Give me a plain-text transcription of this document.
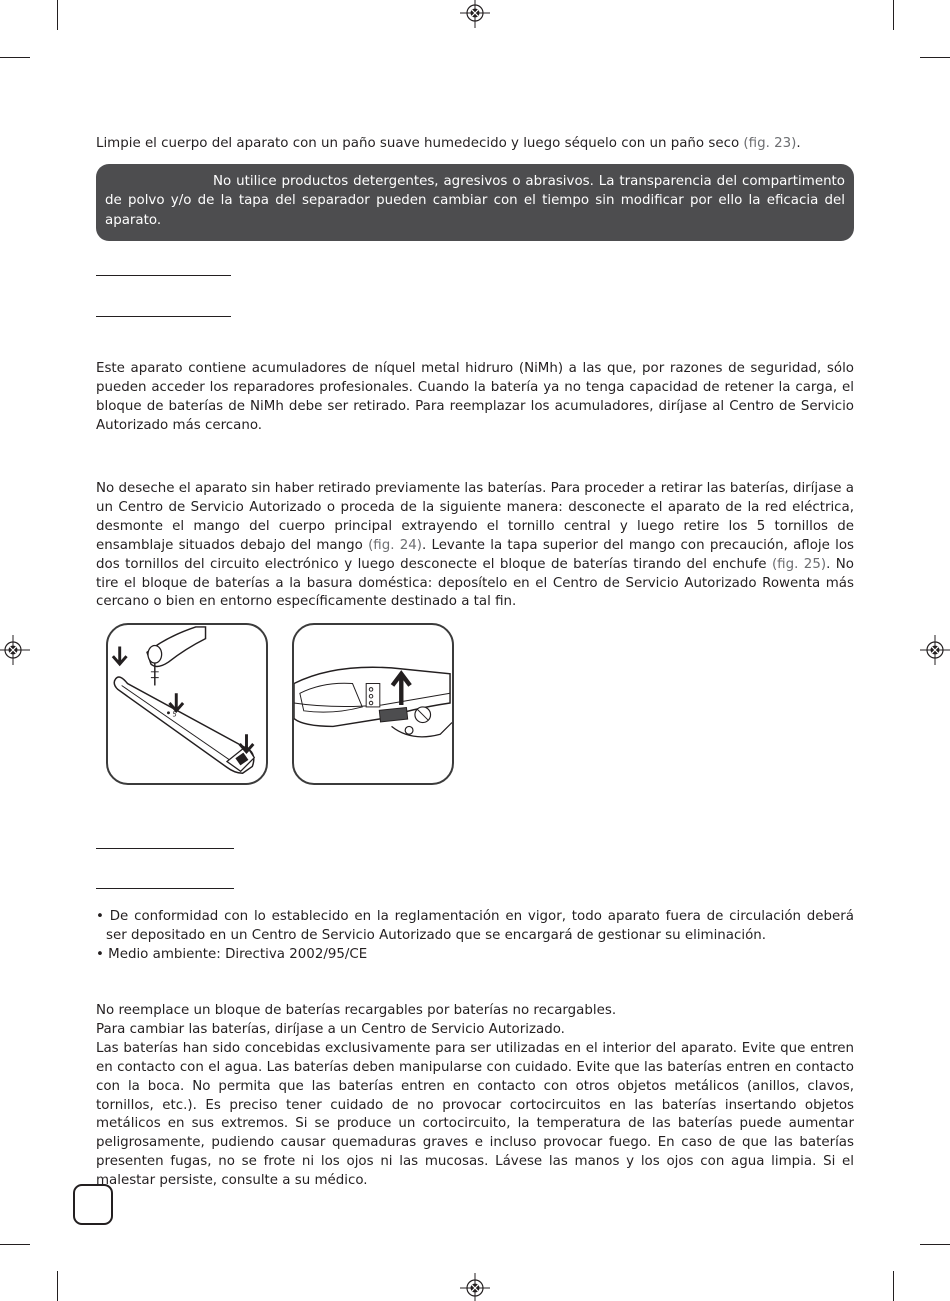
Limpie el cuerpo del aparato con un paño suave humedecido y luego séquelo con un paño seco (fig. 23).
No utilice productos detergentes, agresivos o abrasivos. La transparencia del compartimento de polvo y/o de la tapa del separador pueden cambiar con el tiempo sin modificar por ello la eficacia del aparato.

Este aparato contiene acumuladores de níquel metal hidruro (NiMh) a las que, por razones de seguridad, sólo pueden acceder los reparadores profesionales. Cuando la batería ya no tenga capacidad de retener la carga, el bloque de baterías de NiMh debe ser retirado. Para reemplazar los acumuladores, diríjase al Centro de Servicio Autorizado más cercano.

No deseche el aparato sin haber retirado previamente las baterías. Para proceder a retirar las baterías, diríjase a un Centro de Servicio Autorizado o proceda de la siguiente manera: desconecte el aparato de la red eléctrica, desmonte el mango del cuerpo principal extrayendo el tornillo central y luego retire los 5 tornillos de ensamblaje situados debajo del mango (fig. 24). Levante la tapa superior del mango con precaución, afloje los dos tornillos del circuito electrónico y luego desconecte el bloque de baterías tirando del enchufe (fig. 25). No tire el bloque de baterías a la basura doméstica: deposítelo en el Centro de Servicio Autorizado Rowenta más cercano o bien en entorno específicamente destinado a tal fin.
5
• De conformidad con lo establecido en la reglamentación en vigor, todo aparato fuera de circulación deberá ser depositado en un Centro de Servicio Autorizado que se encargará de gestionar su eliminación.
• Medio ambiente: Directiva 2002/95/CE

No reemplace un bloque de baterías recargables por baterías no recargables.

Para cambiar las baterías, diríjase a un Centro de Servicio Autorizado.

Las baterías han sido concebidas exclusivamente para ser utilizadas en el interior del aparato. Evite que entren en contacto con el agua. Las baterías deben manipularse con cuidado. Evite que las baterías entren en contacto con la boca. No permita que las baterías entren en contacto con otros objetos metálicos (anillos, clavos, tornillos, etc.). Es preciso tener cuidado de no provocar cortocircuitos en las baterías insertando objetos metálicos en sus extremos. Si se produce un cortocircuito, la temperatura de las baterías puede aumentar peligrosamente, pudiendo causar quemaduras graves e incluso provocar fuego. En caso de que las baterías presenten fugas, no se frote ni los ojos ni las mucosas. Lávese las manos y los ojos con agua limpia. Si el malestar persiste, consulte a su médico.
